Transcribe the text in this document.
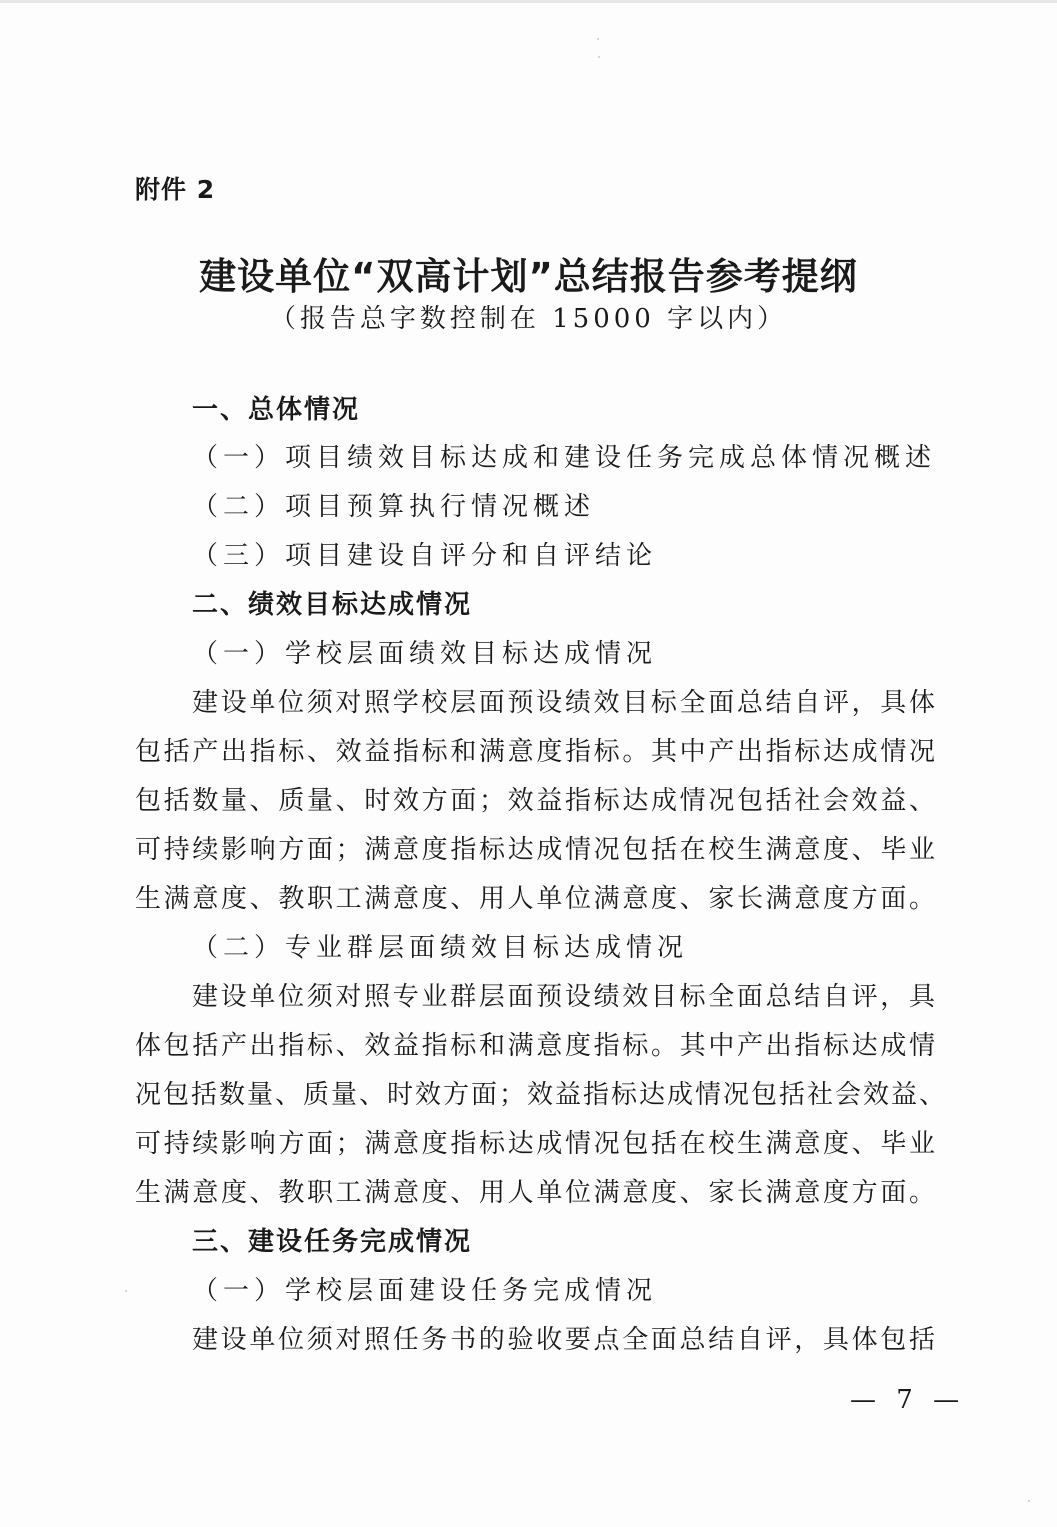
附件 2
建设单位“双高计划”总结报告参考提纲
（报告总字数控制在 15000 字以内）
一、总体情况
（一）项目绩效目标达成和建设任务完成总体情况概述
（二）项目预算执行情况概述
（三）项目建设自评分和自评结论
二、绩效目标达成情况
（一）学校层面绩效目标达成情况
建设单位须对照学校层面预设绩效目标全面总结自评，具体
包括产出指标、效益指标和满意度指标。其中产出指标达成情况
包括数量、质量、时效方面；效益指标达成情况包括社会效益、
可持续影响方面；满意度指标达成情况包括在校生满意度、毕业
生满意度、教职工满意度、用人单位满意度、家长满意度方面。
（二）专业群层面绩效目标达成情况
建设单位须对照专业群层面预设绩效目标全面总结自评，具
体包括产出指标、效益指标和满意度指标。其中产出指标达成情
况包括数量、质量、时效方面；效益指标达成情况包括社会效益、
可持续影响方面；满意度指标达成情况包括在校生满意度、毕业
生满意度、教职工满意度、用人单位满意度、家长满意度方面。
三、建设任务完成情况
（一）学校层面建设任务完成情况
建设单位须对照任务书的验收要点全面总结自评，具体包括
— 7 —
